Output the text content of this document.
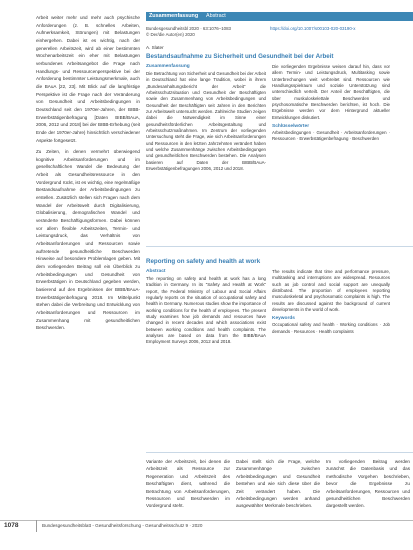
Arbeit weiter mehr und mehr auch psychische Anforderungen (z. B. schnelles Arbeiten, Aufmerksamkeit, Störungen) mit Belastungen einhergehen. Dabei ist es wichtig, nach der generellen Arbeitszeit, wird ab einer bestimmten Wochenarbeitszeit ein eher mit Belastungen verbundenes Arbeitsangebot die Frage nach Handlungs- und Ressourcenperspektive bei der Anforderung bestimmter Leistungsmerkmale, auch die BAuA [22, 23]. Mit Blick auf die langfristige Perspektive ist die Frage nach der Veränderung von Gesundheit und Arbeitsbedingungen in Deutschland seit den 1970er-Jahren, der BIBB-Erwerbstätigenbefragung [Daten BIBB/BAuA, 2006, 2012 und 2018] bei der BIBB-Erhebung (seit Ende der 1970er-Jahre) hinsichtlich verschiedener Aspekte fortgesetzt.

Zu Zeiten, in denen vermehrt überwiegend kognitive Arbeitsanforderungen und im gesellschaftlichen Wandel die Bedeutung der Arbeit als Gesundheitsressource in den Vordergrund rückt, ist es wichtig, eine regelmäßige Bestandsaufnahme der Arbeitsbedingungen zu erstellen. Zusätzlich stellen sich Fragen nach dem Wandel der Arbeitswelt durch Digitalisierung, Globalisierung, demografischen Wandel und veränderte Beschäftigungsformen. Dabei können vor allem flexible Arbeitszeiten, Termin- und Leistungsdruck, das Verhältnis von Arbeitsanforderungen und Ressourcen sowie auftretende gesundheitliche Beschwerden Hinweise auf besondere Problemlagen geben. Mit dem vorliegenden Beitrag soll ein Überblick zu Arbeitsbedingungen und Gesundheit von Erwerbstätigen in Deutschland gegeben werden, basierend auf den Ergebnissen der BIBB/BAuA-Erwerbstätigenbefragung 2018. Im Mittelpunkt stehen dabei die Verbreitung und Entwicklung von Arbeitsanforderungen und Ressourcen im Zusammenhang mit gesundheitlichen Beschwerden.

Zusammenfassung Abstract
Bundesgesundheitsbl 2020 · 63:1076–1083
© Der/die Autor(en) 2020
https://doi.org/10.1007/s00103-020-03190-x
A. Slater
Bestandsaufnahme zu Sicherheit und Gesundheit bei der Arbeit
Zusammenfassung

Die Betrachtung von Sicherheit und Gesundheit bei der Arbeit in Deutschland hat eine lange Tradition, wobei in ihrem „Bundesanhaltungsbericht der Arbeit“ die Arbeitsschutzsituation und Gesundheit der Beschäftigten sowie den Zusammenhang von Arbeitsbedingungen und Gesundheit der Beschäftigten seit Jahren in den Berichten zur Arbeitswelt untersucht werden. Zahlreiche Studien zeigen dabei die Notwendigkeit im Sinne einer gesundheitsförderlichen Arbeitsgestaltung und Arbeitsschutzmaßnahmen. Im Zentrum der vorliegenden Untersuchung steht die Frage, wie sich Arbeitsanforderungen und Ressourcen in den letzten Jahrzehnten verändert haben und welche Zusammenhänge zwischen Arbeitsbedingungen und gesundheitlichen Beschwerden bestehen. Die Analysen basieren auf Daten der BIBB/BAuA-Erwerbstätigenbefragungen 2006, 2012 und 2018.

Die vorliegenden Ergebnisse weisen darauf hin, dass vor allem Termin- und Leistungsdruck, Multitasking sowie Unterbrechungen weit verbreitet sind. Ressourcen wie Handlungsspielraum und soziale Unterstützung sind unterschiedlich verteilt. Der Anteil der Beschäftigten, die über muskuloskelettale Beschwerden und psychosomatische Beschwerden berichten, ist hoch. Die Ergebnisse werden vor dem Hintergrund aktueller Entwicklungen diskutiert.

Schlüsselwörter

Arbeitsbedingungen · Gesundheit · Arbeitsanforderungen · Ressourcen · Erwerbstätigenbefragung · Beschwerden

Reporting on safety and health at work
Abstract

The reporting on safety and health at work has a long tradition in Germany. In its “Safety and Health at Work” report, the Federal Ministry of Labour and Social Affairs regularly reports on the situation of occupational safety and health in Germany. Numerous studies show the importance of working conditions for the health of employees. The present study examines how job demands and resources have changed in recent decades and which associations exist between working conditions and health complaints. The analyses are based on data from the BIBB/BAuA Employment Surveys 2006, 2012 and 2018.

The results indicate that time and performance pressure, multitasking and interruptions are widespread. Resources such as job control and social support are unequally distributed. The proportion of employees reporting musculoskeletal and psychosomatic complaints is high. The results are discussed against the background of current developments in the world of work.

Keywords

Occupational safety and health · Working conditions · Job demands · Resources · Health complaints

Variante der Arbeitszeit, bei denen die Arbeitszeit als Ressource zur Regeneration und Arbeitszeit des Beschäftigten dient, während die Betrachtung von Arbeitsanforderungen, Ressourcen und Beschwerden im Vordergrund steht.

Dabei stellt sich die Frage, welche Zusammenhänge zwischen Arbeitsbedingungen und Gesundheit bestehen und wie sich diese über die Zeit verändert haben. Die Arbeitsbedingungen werden anhand ausgewählter Merkmale beschrieben.

Im vorliegenden Beitrag werden zunächst die Datenbasis und das methodische Vorgehen beschrieben, bevor die Ergebnisse zu Arbeitsanforderungen, Ressourcen und gesundheitlichen Beschwerden dargestellt werden.

1078	Bundesgesundheitsblatt - Gesundheitsforschung - Gesundheitsschutz 9 · 2020
